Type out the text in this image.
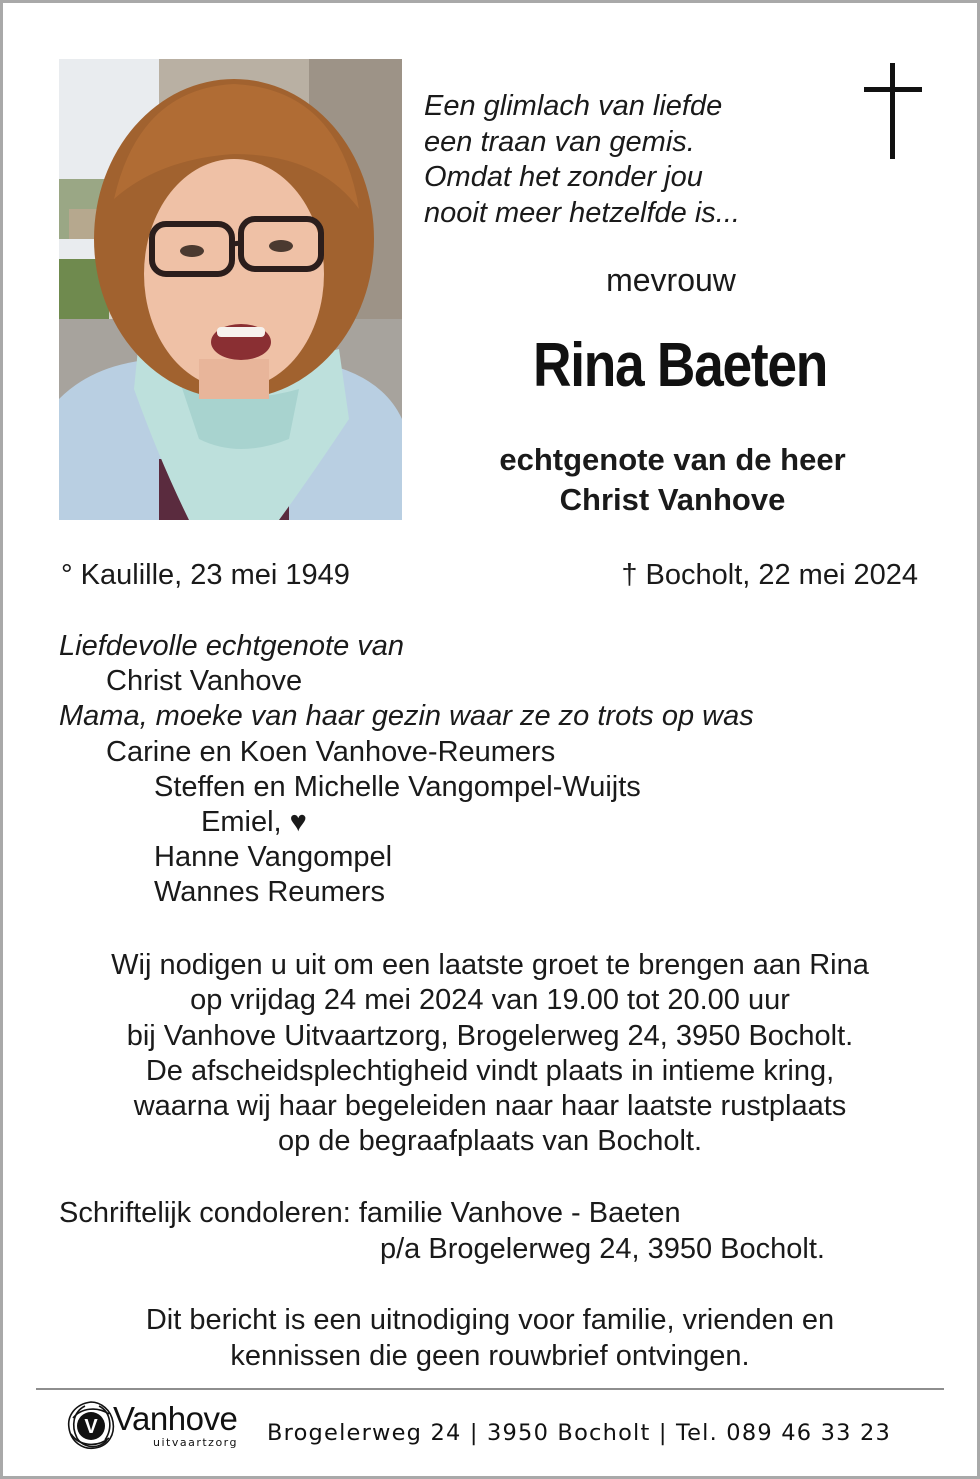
Een glimlach van liefde
een traan van gemis.
Omdat het zonder jou
nooit meer hetzelfde is...
mevrouw
Rina Baeten
echtgenote van de heer
Christ Vanhove
° Kaulille, 23 mei 1949	† Bocholt, 22 mei 2024
Liefdevolle echtgenote van
Christ Vanhove
Mama, moeke van haar gezin waar ze zo trots op was
Carine en Koen Vanhove-Reumers
Steffen en Michelle Vangompel-Wuijts
Emiel, ♥
Hanne Vangompel
Wannes Reumers
Wij nodigen u uit om een laatste groet te brengen aan Rina
op vrijdag 24 mei 2024 van 19.00 tot 20.00 uur
bij Vanhove Uitvaartzorg, Brogelerweg 24, 3950 Bocholt.
De afscheidsplechtigheid vindt plaats in intieme kring,
waarna wij haar begeleiden naar haar laatste rustplaats
op de begraafplaats van Bocholt.
Schriftelijk condoleren: familie Vanhove - Baeten
p/a Brogelerweg 24, 3950 Bocholt.
Dit bericht is een uitnodiging voor familie, vrienden en
kennissen die geen rouwbrief ontvingen.
V Vanhove
uitvaartzorg Brogelerweg 24 | 3950 Bocholt | Tel. 089 46 33 23
